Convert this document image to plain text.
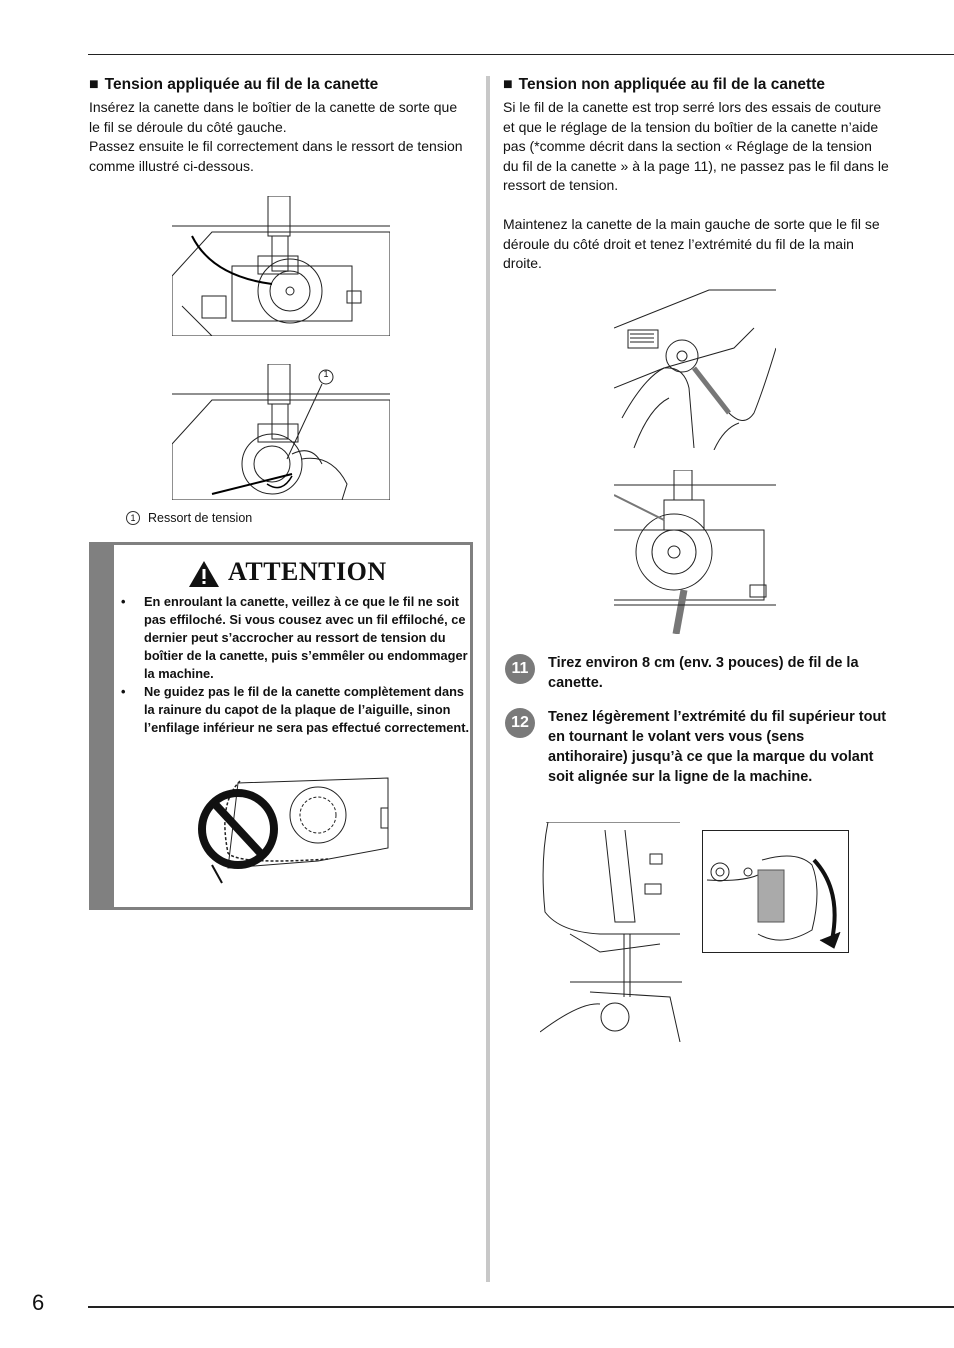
■ Tension appliquée au fil de la canette
Insérez la canette dans le boîtier de la canette de sorte que le fil se déroule du côté gauche.
Passez ensuite le fil correctement dans le ressort de tension comme illustré ci-dessous.
1
1 Ressort de tension
ATTENTION
• En enroulant la canette, veillez à ce que le fil ne soit pas effiloché. Si vous cousez avec un fil effiloché, ce dernier peut s’accrocher au ressort de tension du boîtier de la canette, puis s’emmêler ou endommager la machine.
• Ne guidez pas le fil de la canette complètement dans la rainure du capot de la plaque de l’aiguille, sinon l’enfilage inférieur ne sera pas effectué correctement.
■ Tension non appliquée au fil de la canette
Si le fil de la canette est trop serré lors des essais de couture et que le réglage de la tension du boîtier de la canette n’aide pas (*comme décrit dans la section « Réglage de la tension du fil de la canette » à la page 11), ne passez pas le fil dans le ressort de tension.
Maintenez la canette de la main gauche de sorte que le fil se déroule du côté droit et tenez l’extrémité du fil de la main droite.
11	Tirez environ 8 cm (env. 3 pouces) de fil de la canette.
12	Tenez légèrement l’extrémité du fil supérieur tout en tournant le volant vers vous (sens antihoraire) jusqu’à ce que la marque du volant soit alignée sur la ligne de la machine.
6
